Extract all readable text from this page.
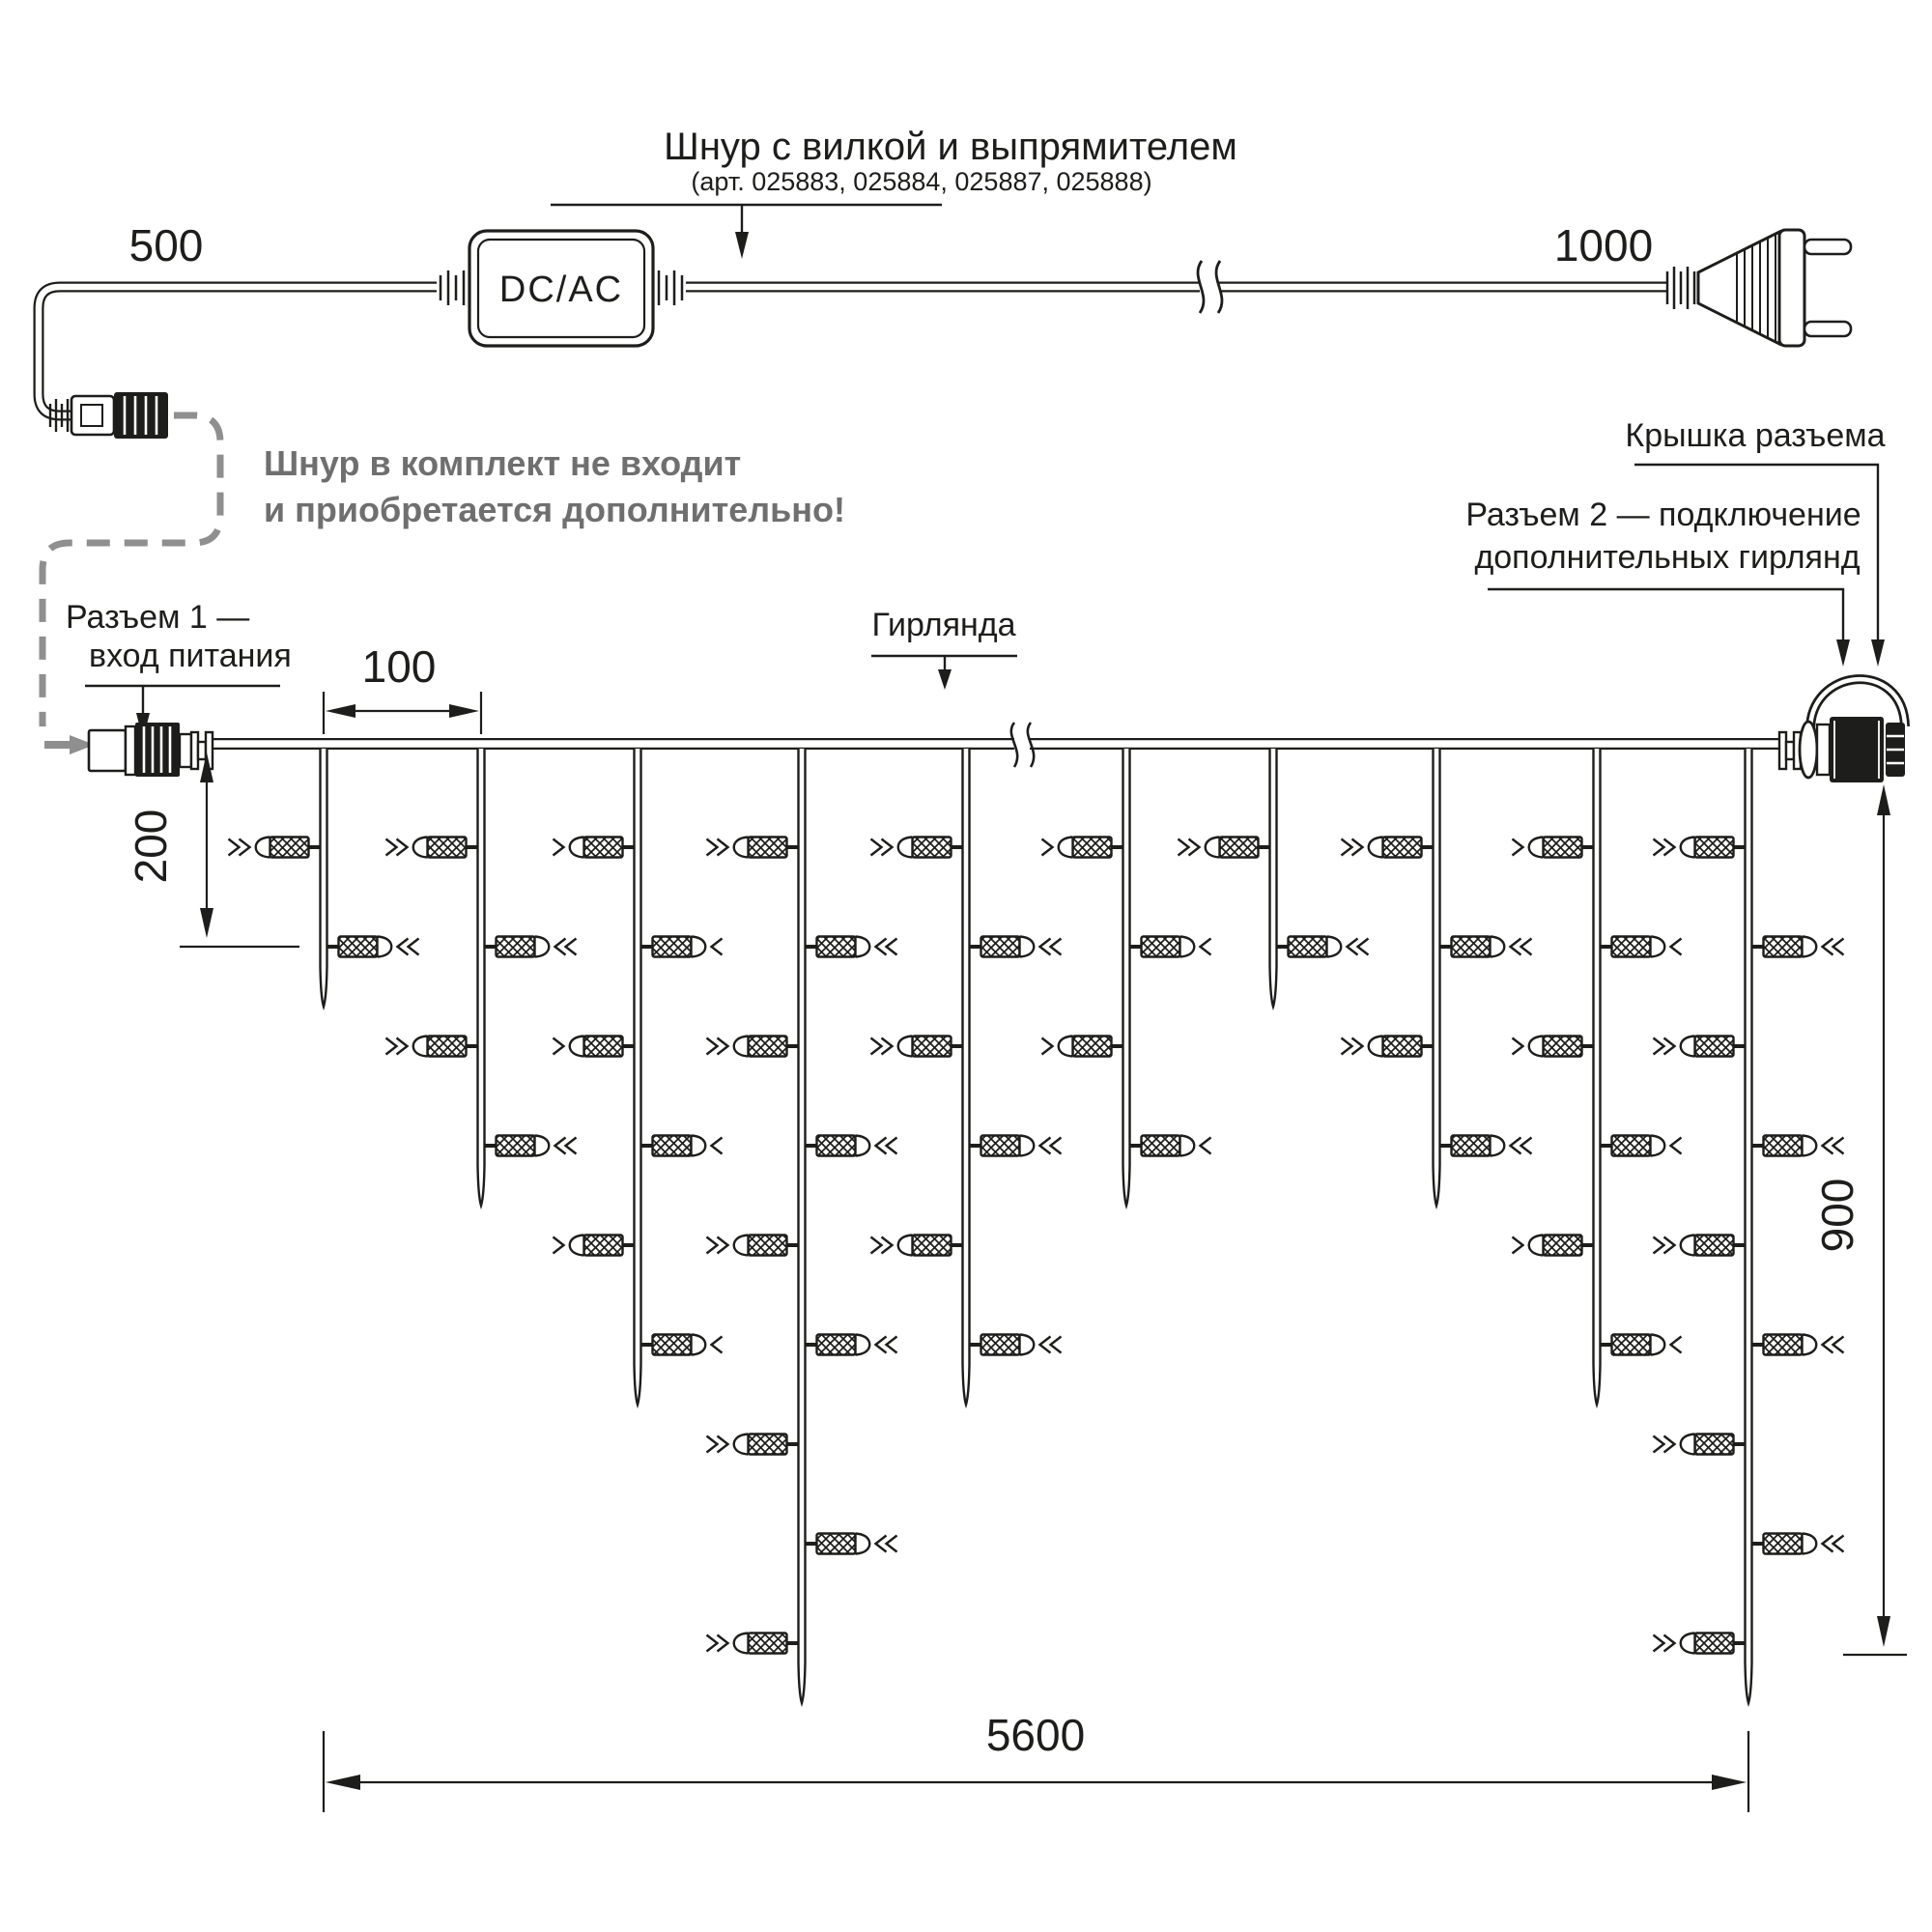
Шнур с вилкой и выпрямителем
(арт. 025883, 025884, 025887, 025888)
500	1000
DC/AC
Шнур в комплект не входит
и приобретается дополнительно!
Разъем 1 —
вход питания
Крышка разъема
Разъем 2 — подключение
дополнительных гирлянд
Гирлянда
100
200
900
5600
